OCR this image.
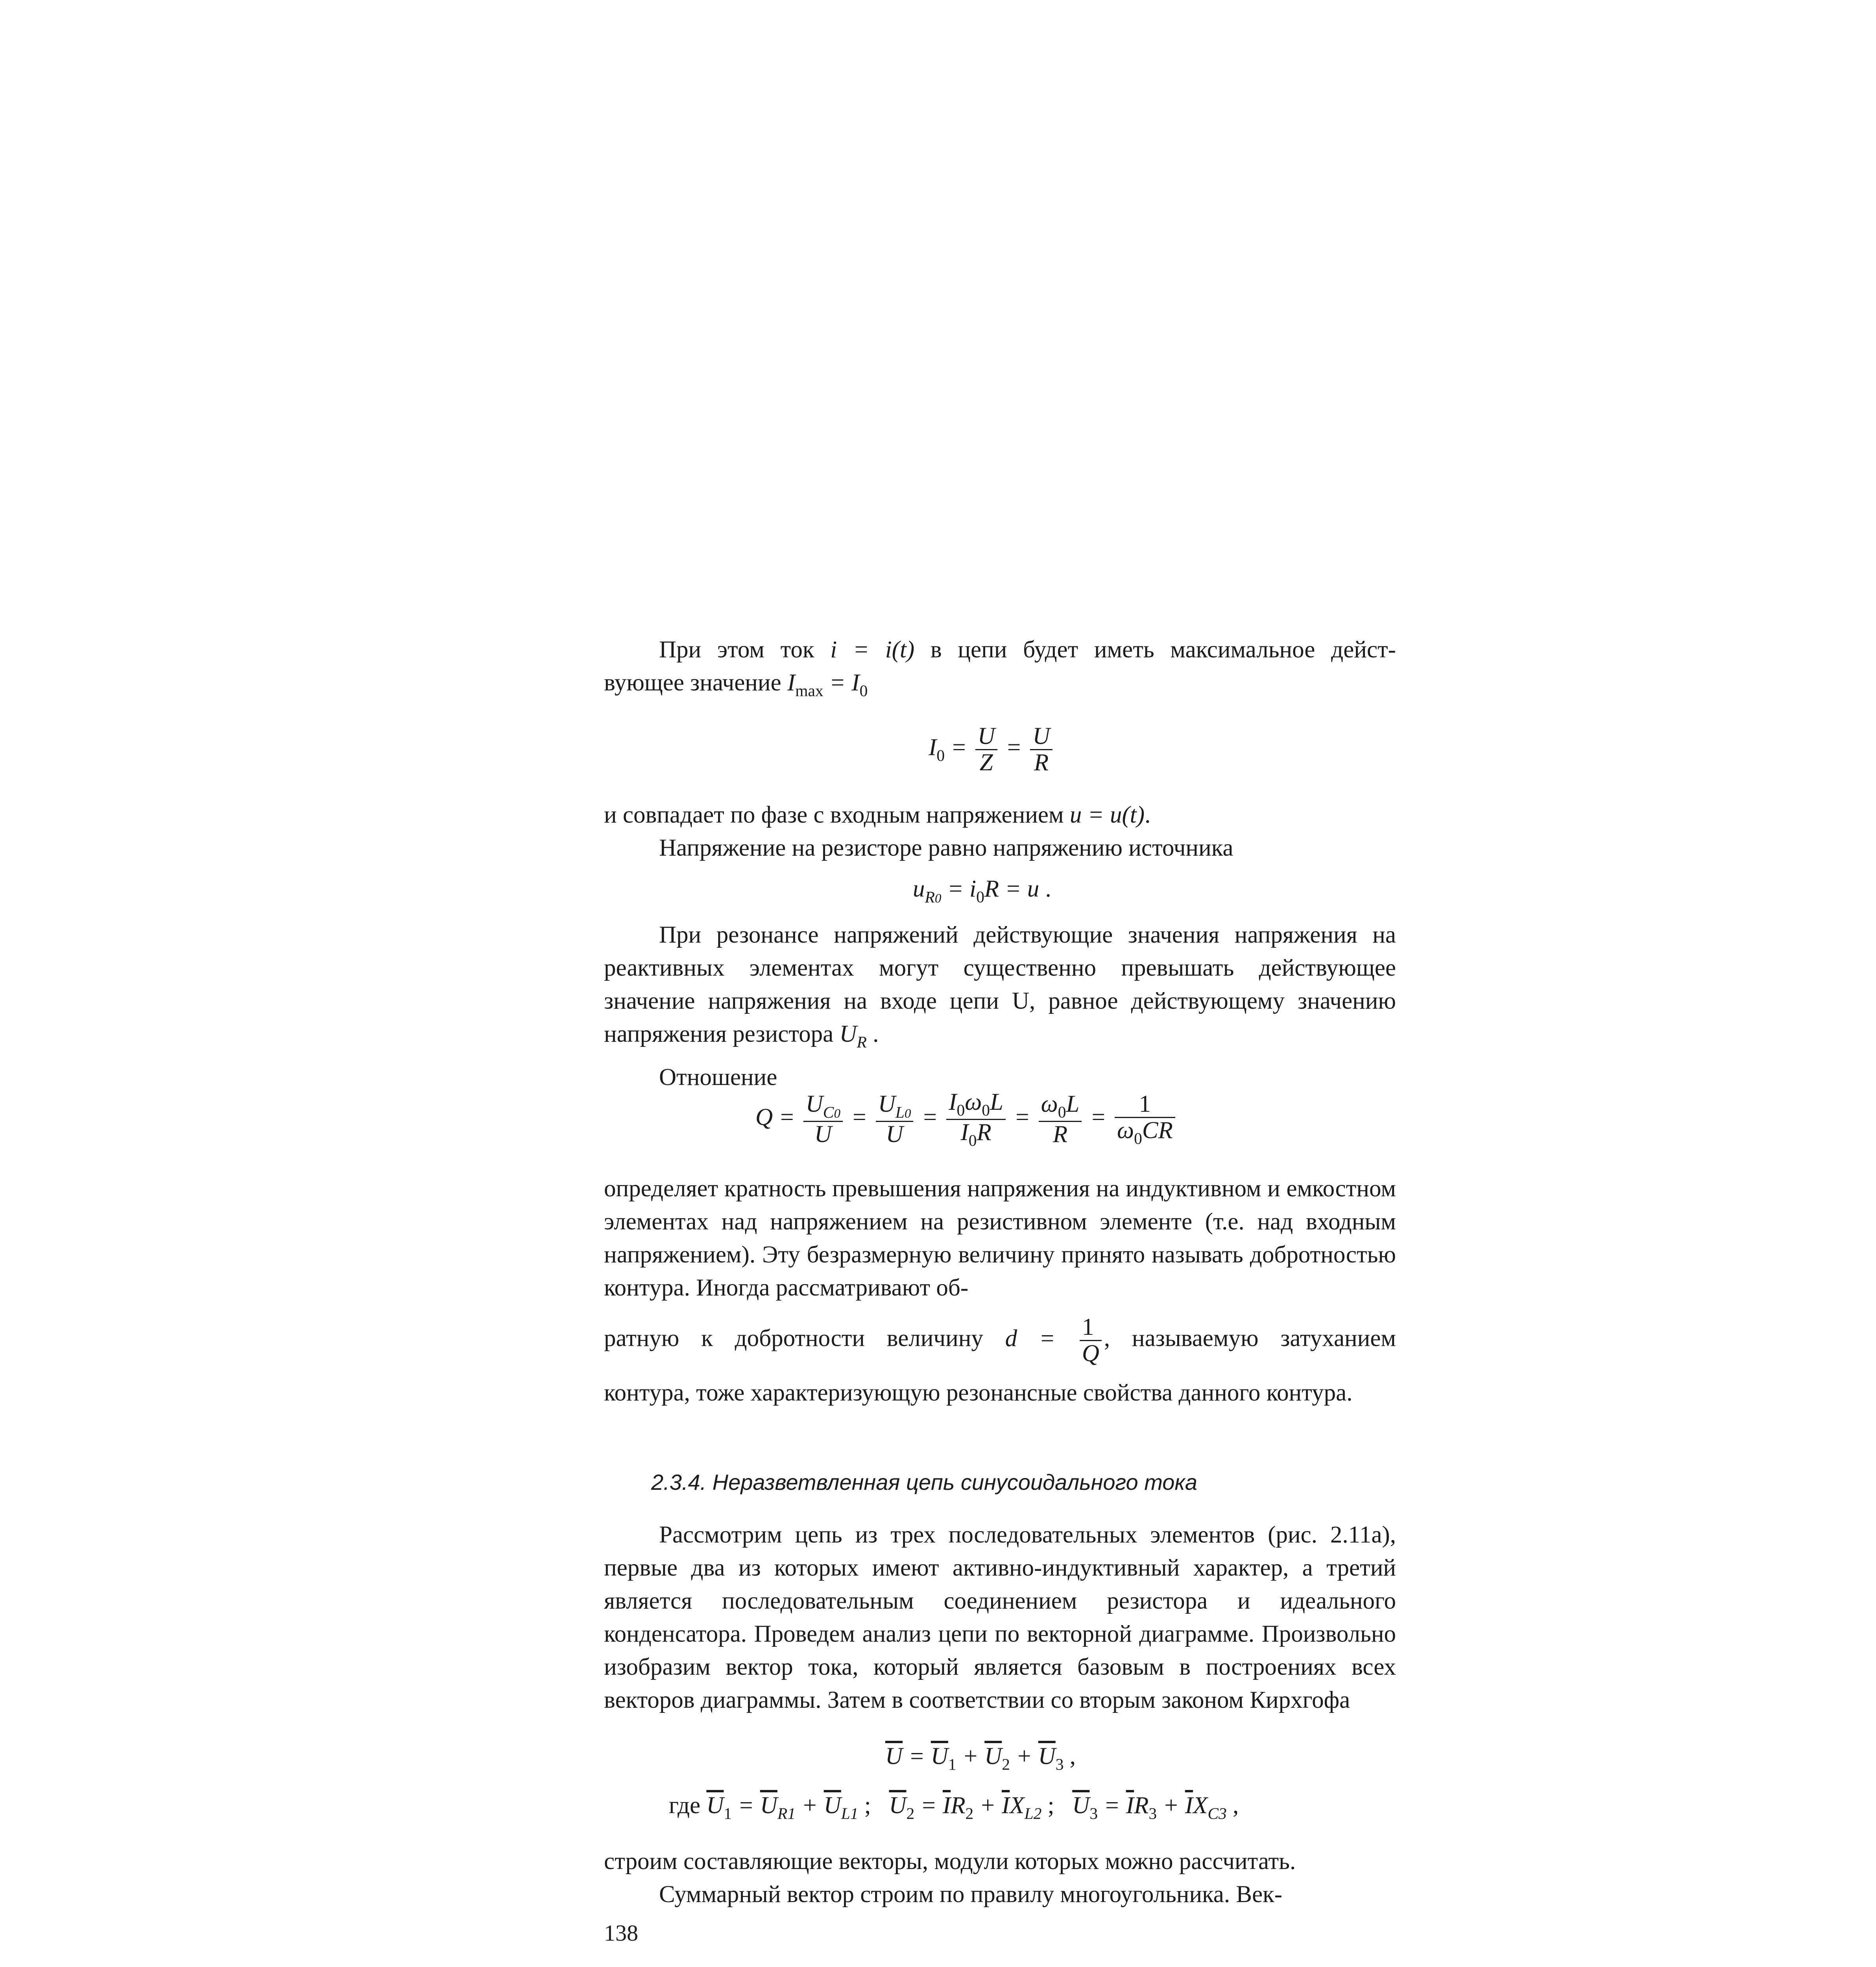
При этом ток i = i(t) в цепи будет иметь максимальное дейст-
вующее значение $I_{max} = I_0$
$I_0 = \frac{U}{Z} = \frac{U}{R}$
и совпадает по фазе с входным напряжением u = u(t).
Напряжение на резисторе равно напряжению источника
$u_{R0} = i_0R = u$ .

При резонансе напряжений действующие значения напряжения на реактивных элементах могут существенно превышать действующее значение напряжения на входе цепи U, равное действующему значению напряжения резистора $U_R$ .

Отношение

$Q = \frac{U_{C0}}{U} = \frac{U_{L0}}{U} = \frac{I_0\omega_0L}{I_0R} = \frac{\omega_0L}{R} = \frac{1}{\omega_0CR}$

определяет кратность превышения напряжения на индуктивном и емкостном элементах над напряжением на резистивном элементе (т.е. над входным напряжением). Эту безразмерную величину принято называть добротностью контура. Иногда рассматривают об-

ратную к добротности величину $d = \frac{1}{Q}$ , называемую затуханием

контура, тоже характеризующую резонансные свойства данного контура.

2.3.4. Неразветвленная цепь синусоидального тока

Рассмотрим цепь из трех последовательных элементов (рис. 2.11а), первые два из которых имеют активно-индуктивный характер, а третий является последовательным соединением резистора и идеального конденсатора. Проведем анализ цепи по векторной диаграмме. Произвольно изобразим вектор тока, который является базовым в построениях всех векторов диаграммы. Затем в соответствии со вторым законом Кирхгофа

$\overline{U} = \overline{U}_1 + \overline{U}_2 + \overline{U}_3$ ,
где $\overline{U}_1 = \overline{U}_{R1} + \overline{U}_{L1}$ ;   $\overline{U}_2 = \overline{I}R_2 + \overline{I}X_{L2}$ ;   $\overline{U}_3 = \overline{I}R_3 + \overline{I}X_{C3}$ ,
строим составляющие векторы, модули которых можно рассчитать.
Суммарный вектор строим по правилу многоугольника. Век-
138
